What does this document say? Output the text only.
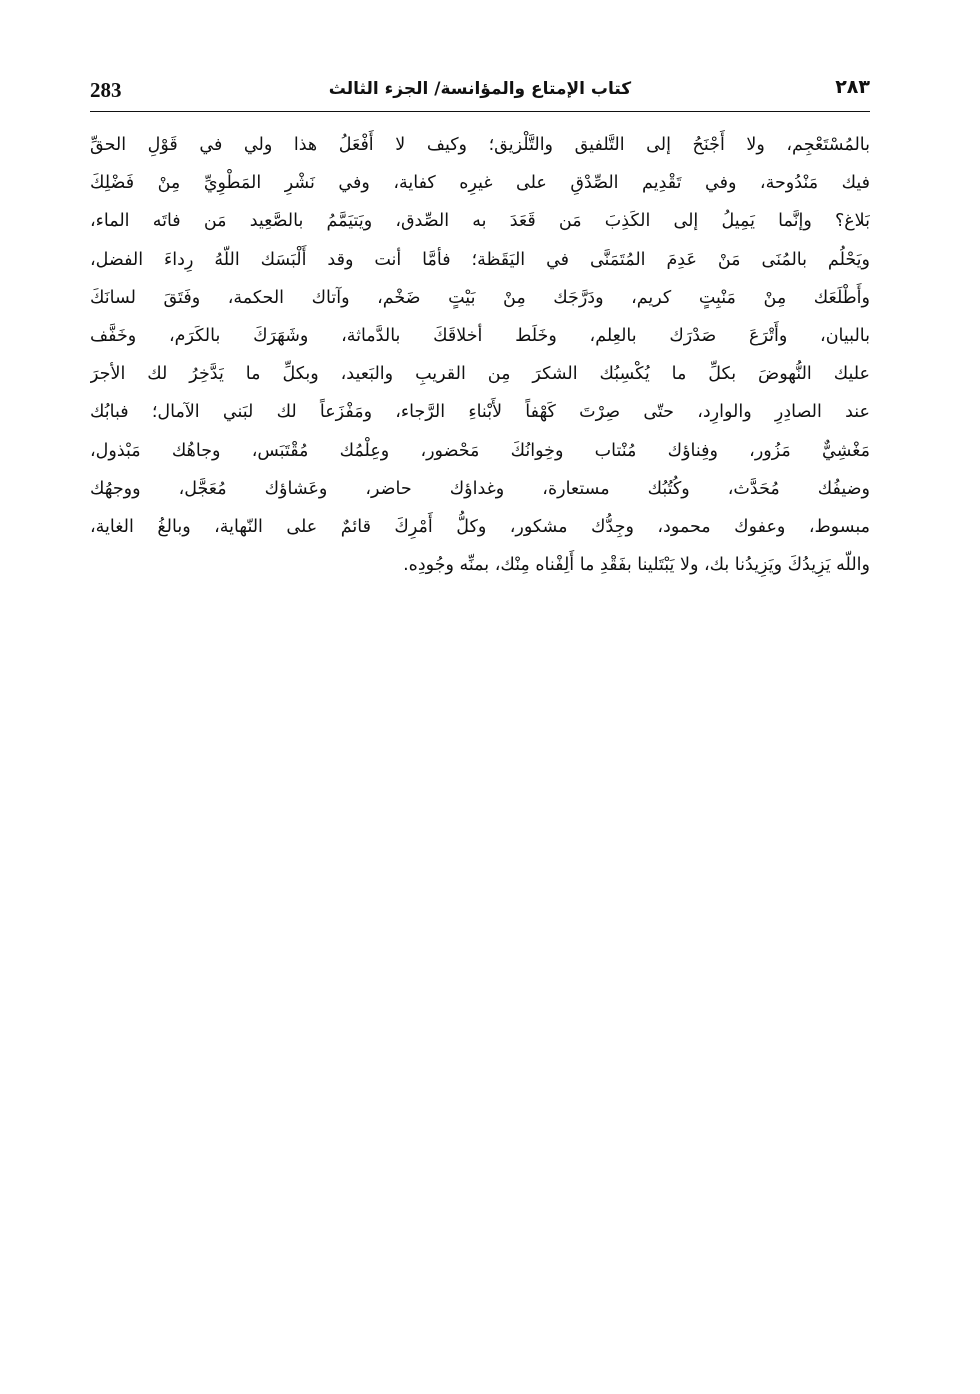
283	كتاب الإمتاع والمؤانسة/ الجزء الثالث	٢٨٣
بالمُسْتَعْجِم، ولا أَجْنَحُ إلى التَّلفيق والتَّلْزيق؛ وكيف لا أَفْعَلُ هذا ولي في قَوْلِ الحقِّ
فيك مَنْدُوحة، وفي تَقْدِيم الصِّدْقِ على غيرِه كفاية، وفي نَشْرِ المَطْوِيِّ مِنْ فَضْلِكَ
بَلاغ؟ وإنَّما يَمِيلُ إلى الكَذِبَ مَن قَعَدَ به الصِّدق، ويَتيَمَّمُ بالصَّعِيد مَن فاتَه الماء،
ويَحْلُم بالمُنَى مَنْ عَدِمَ المُتَمَنَّى في اليَقَظة؛ فأمَّا أنت وقد أَلْبَسَك اللّهُ رِداءَ الفضل،
وأَطْلَعَك مِنْ مَنْبِتٍ كريم، ودَرَّجَك مِنْ بَيْتٍ ضَخْم، وآتاك الحكمة، وفَتَقَ لسانَكَ
بالبيان، وأَتْرَعَ صَدْرَك بالعِلم، وخَلَط أخلاقَكَ بالدَّماثة، وشَهَرَكَ بالكَرَم، وخَفَّف
عليك النُّهوضَ بكلِّ ما يُكْسِبُك الشكرَ مِن القريبِ والبَعيد، وبكلِّ ما يَدَّخِرُ لك الأجرَ
عند الصادِرِ والوارِد، حتّى صِرْتَ كَهْفاً لأَبْناءِ الرَّجاء، ومَفْزَعاً لك لبَني الآمال؛ فبابُك
مَغْشِيٌّ مَزُور، وفِناؤك مُنْتاب وخِوانُكَ مَحْضور، وعِلْمُك مُقْتَبَس، وجاهُك مَبْذول،
وضيفُك مُحَدَّث، وكُتُبُك مستعارة، وغداؤك حاضر، وعَشاؤك مُعَجَّل، ووجهُك
مبسوط، وعفوك محمود، وجِدُّك مشكور، وكلُّ أَمْرِكَ قائمٌ على النّهاية، وبالغُ الغاية،
واللّه يَزِيدُكَ ويَزِيدُنا بك، ولا يَبْتَلينا بفَقْدِ ما أَلِفْناه مِنْك، بمنِّه وجُودِه.
